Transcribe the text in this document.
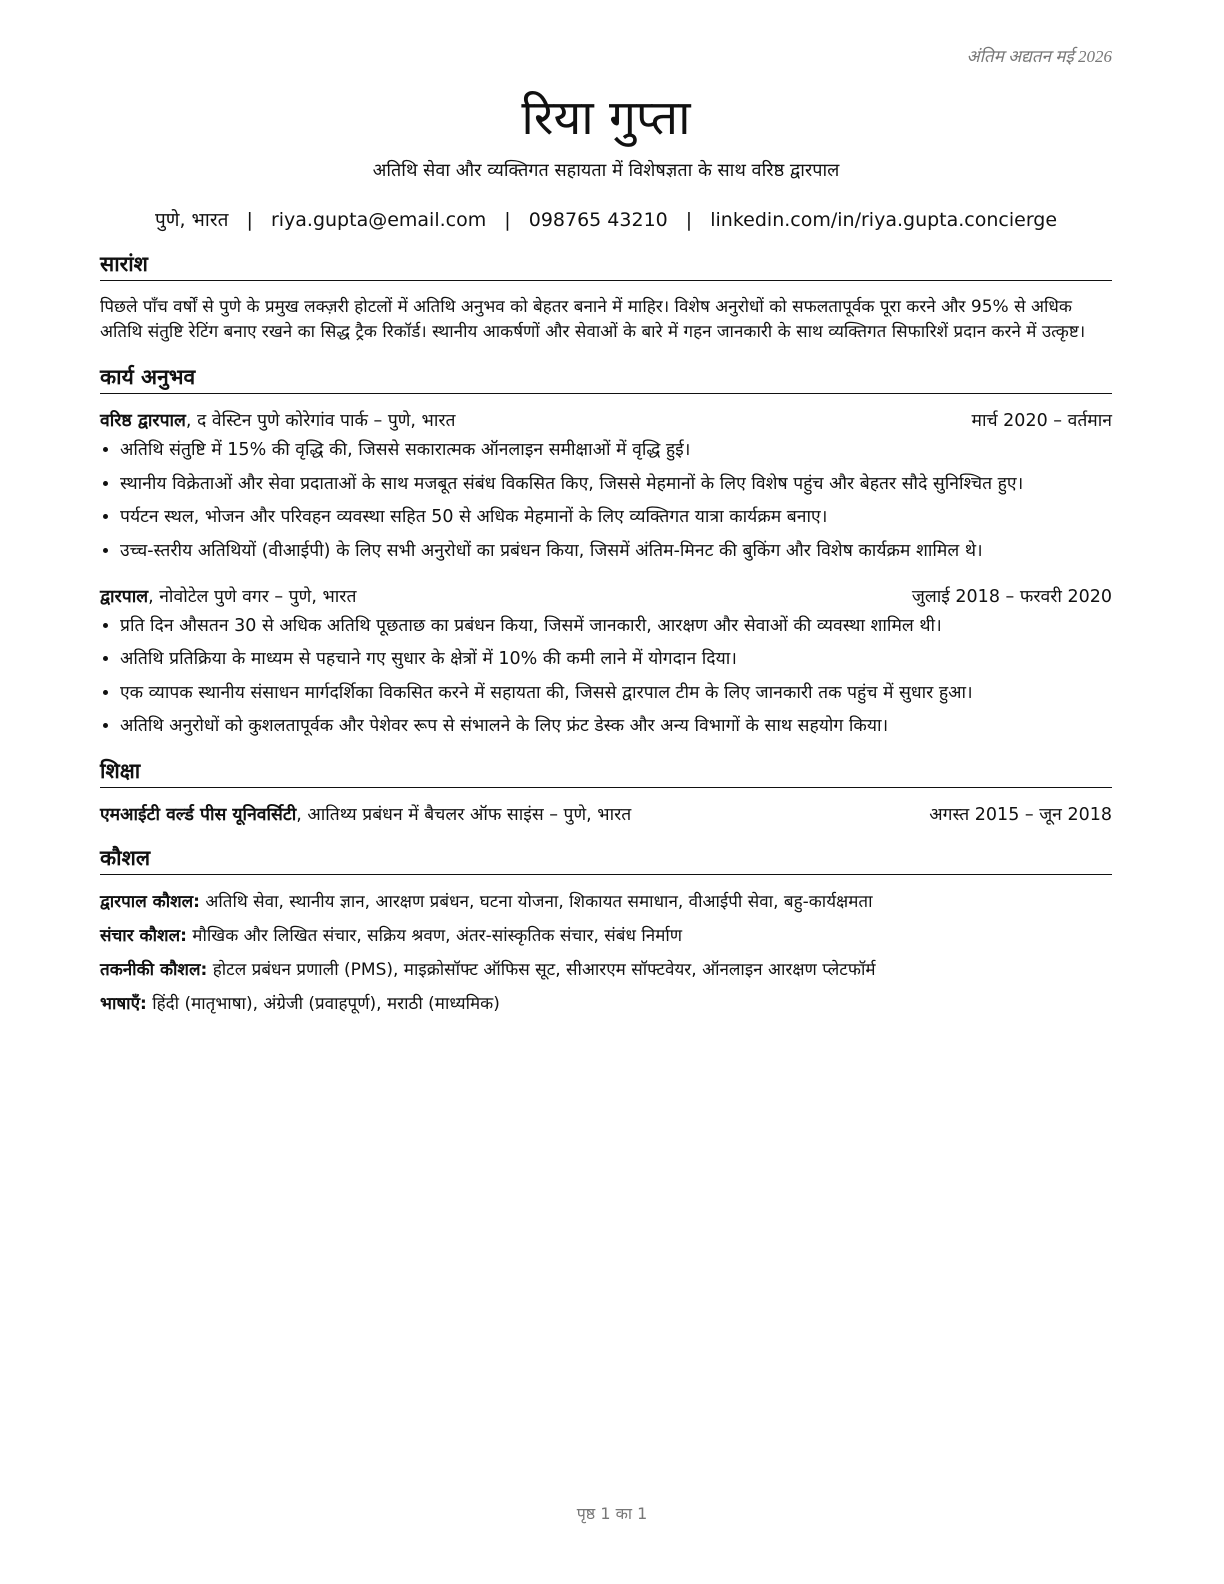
अंतिम अद्यतन मई 2026
रिया गुप्ता
अतिथि सेवा और व्यक्तिगत सहायता में विशेषज्ञता के साथ वरिष्ठ द्वारपाल
पुणे, भारत | riya.gupta@email.com | 098765 43210 | linkedin.com/in/riya.gupta.concierge
सारांश
पिछले पाँच वर्षों से पुणे के प्रमुख लक्ज़री होटलों में अतिथि अनुभव को बेहतर बनाने में माहिर। विशेष अनुरोधों को सफलतापूर्वक पूरा करने और 95% से अधिक अतिथि संतुष्टि रेटिंग बनाए रखने का सिद्ध ट्रैक रिकॉर्ड। स्थानीय आकर्षणों और सेवाओं के बारे में गहन जानकारी के साथ व्यक्तिगत सिफारिशें प्रदान करने में उत्कृष्ट।
कार्य अनुभव
वरिष्ठ द्वारपाल, द वेस्टिन पुणे कोरेगांव पार्क – पुणे, भारत	मार्च 2020 – वर्तमान
• अतिथि संतुष्टि में 15% की वृद्धि की, जिससे सकारात्मक ऑनलाइन समीक्षाओं में वृद्धि हुई।
• स्थानीय विक्रेताओं और सेवा प्रदाताओं के साथ मजबूत संबंध विकसित किए, जिससे मेहमानों के लिए विशेष पहुंच और बेहतर सौदे सुनिश्चित हुए।
• पर्यटन स्थल, भोजन और परिवहन व्यवस्था सहित 50 से अधिक मेहमानों के लिए व्यक्तिगत यात्रा कार्यक्रम बनाए।
• उच्च-स्तरीय अतिथियों (वीआईपी) के लिए सभी अनुरोधों का प्रबंधन किया, जिसमें अंतिम-मिनट की बुकिंग और विशेष कार्यक्रम शामिल थे।
द्वारपाल, नोवोटेल पुणे वगर – पुणे, भारत	जुलाई 2018 – फरवरी 2020
• प्रति दिन औसतन 30 से अधिक अतिथि पूछताछ का प्रबंधन किया, जिसमें जानकारी, आरक्षण और सेवाओं की व्यवस्था शामिल थी।
• अतिथि प्रतिक्रिया के माध्यम से पहचाने गए सुधार के क्षेत्रों में 10% की कमी लाने में योगदान दिया।
• एक व्यापक स्थानीय संसाधन मार्गदर्शिका विकसित करने में सहायता की, जिससे द्वारपाल टीम के लिए जानकारी तक पहुंच में सुधार हुआ।
• अतिथि अनुरोधों को कुशलतापूर्वक और पेशेवर रूप से संभालने के लिए फ्रंट डेस्क और अन्य विभागों के साथ सहयोग किया।
शिक्षा
एमआईटी वर्ल्ड पीस यूनिवर्सिटी, आतिथ्य प्रबंधन में बैचलर ऑफ साइंस – पुणे, भारत	अगस्त 2015 – जून 2018
कौशल
द्वारपाल कौशल: अतिथि सेवा, स्थानीय ज्ञान, आरक्षण प्रबंधन, घटना योजना, शिकायत समाधान, वीआईपी सेवा, बहु-कार्यक्षमता
संचार कौशल: मौखिक और लिखित संचार, सक्रिय श्रवण, अंतर-सांस्कृतिक संचार, संबंध निर्माण
तकनीकी कौशल: होटल प्रबंधन प्रणाली (PMS), माइक्रोसॉफ्ट ऑफिस सूट, सीआरएम सॉफ्टवेयर, ऑनलाइन आरक्षण प्लेटफॉर्म
भाषाएँ: हिंदी (मातृभाषा), अंग्रेजी (प्रवाहपूर्ण), मराठी (माध्यमिक)
पृष्ठ 1 का 1
